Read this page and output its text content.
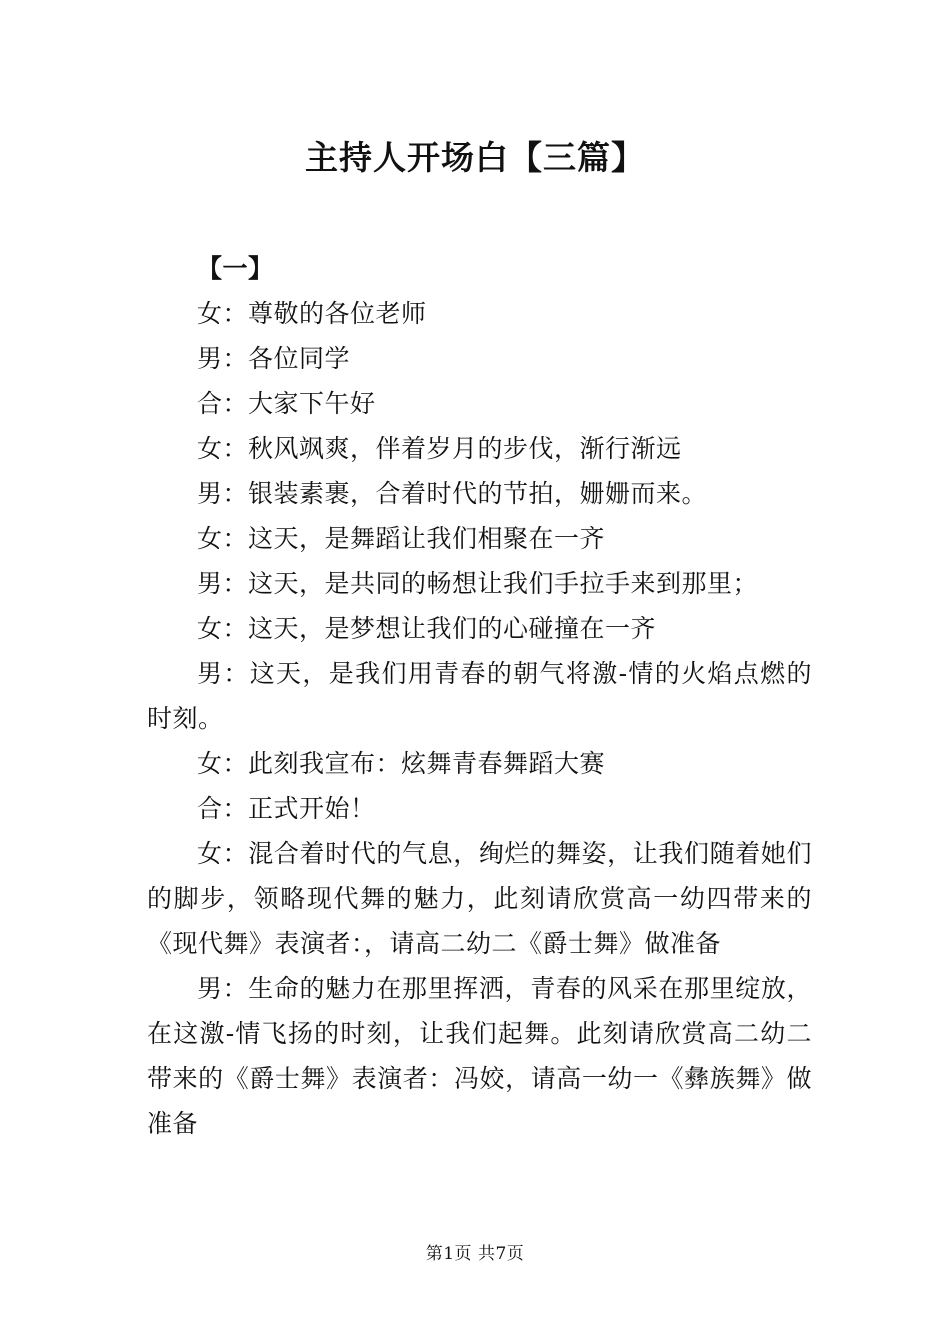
主持人开场白【三篇】

【一】

女：尊敬的各位老师

男：各位同学

合：大家下午好

女：秋风飒爽，伴着岁月的步伐，渐行渐远

男：银装素裹，合着时代的节拍，姗姗而来。

女：这天，是舞蹈让我们相聚在一齐

男：这天，是共同的畅想让我们手拉手来到那里；

女：这天，是梦想让我们的心碰撞在一齐

男：这天，是我们用青春的朝气将激-情的火焰点燃的时刻。

女：此刻我宣布：炫舞青春舞蹈大赛

合：正式开始！

女：混合着时代的气息，绚烂的舞姿，让我们随着她们的脚步，领略现代舞的魅力，此刻请欣赏高一幼四带来的《现代舞》表演者：，请高二幼二《爵士舞》做准备

男：生命的魅力在那里挥洒，青春的风采在那里绽放，在这激-情飞扬的时刻，让我们起舞。此刻请欣赏高二幼二带来的《爵士舞》表演者：冯姣，请高一幼一《彝族舞》做准备

第1页 共7页
